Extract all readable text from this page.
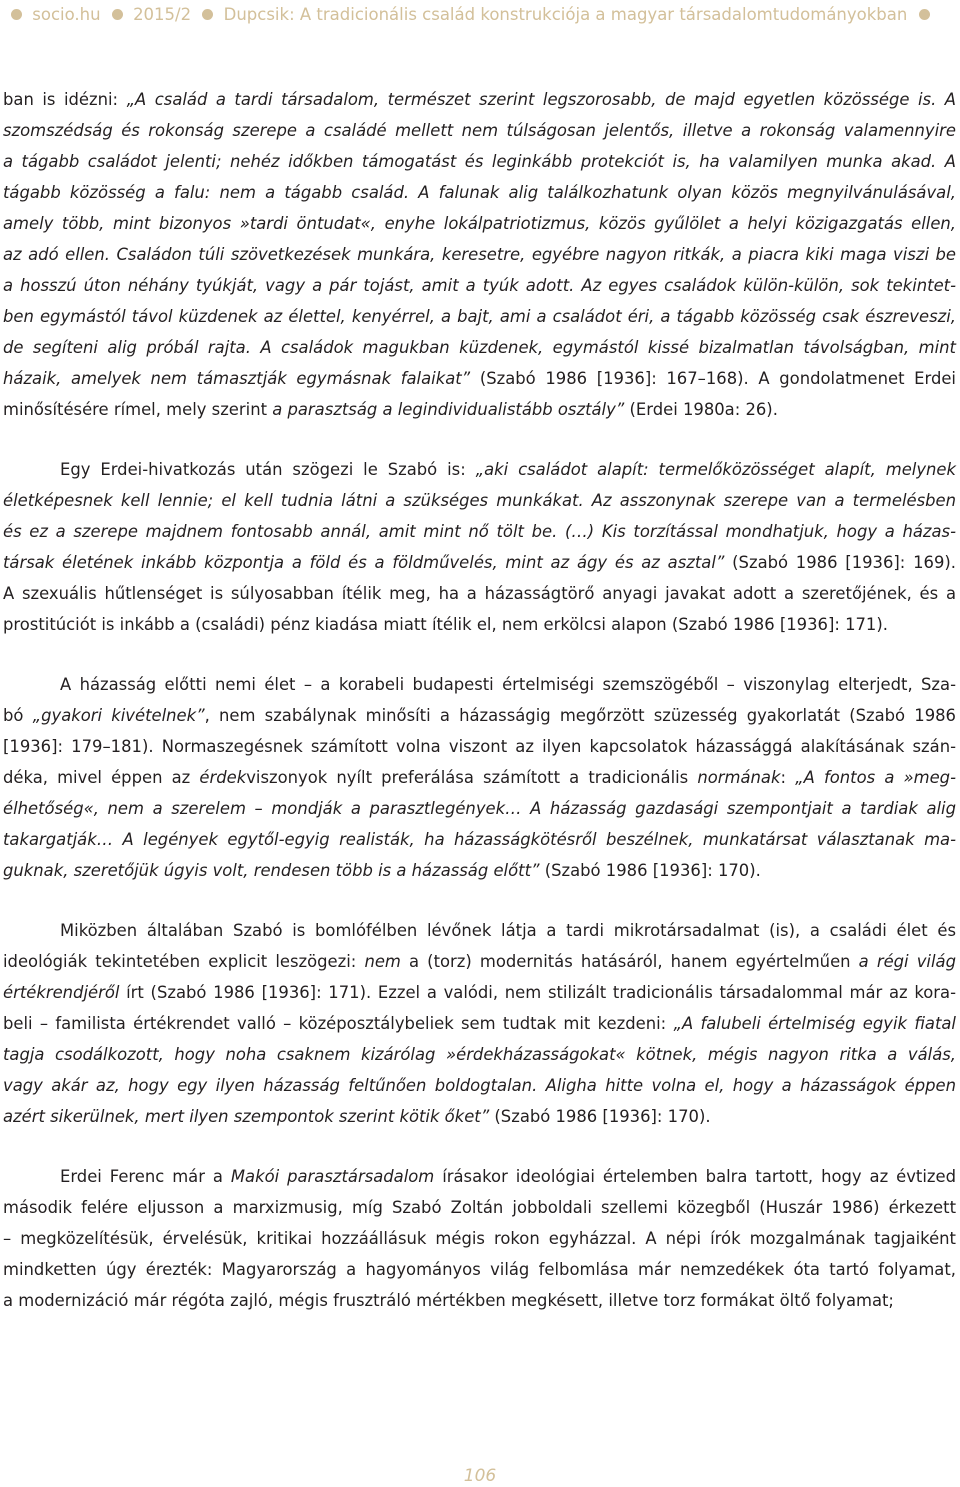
socio.hu 2015/2 Dupcsik: A tradicionális család konstrukciója a magyar társadalomtudományokban
ban is idézni: „A család a tardi társadalom, természet szerint legszorosabb, de majd egyetlen közössége is. A
szomszédság és rokonság szerepe a családé mellett nem túlságosan jelentős, illetve a rokonság valamennyire
a tágabb családot jelenti; nehéz időkben támogatást és leginkább protekciót is, ha valamilyen munka akad. A
tágabb közösség a falu: nem a tágabb család. A falunak alig találkozhatunk olyan közös megnyilvánulásával,
amely több, mint bizonyos »tardi öntudat«, enyhe lokálpatriotizmus, közös gyűlölet a helyi közigazgatás ellen,
az adó ellen. Családon túli szövetkezések munkára, keresetre, egyébre nagyon ritkák, a piacra kiki maga viszi be
a hosszú úton néhány tyúkját, vagy a pár tojást, amit a tyúk adott. Az egyes családok külön-külön, sok tekintet-
ben egymástól távol küzdenek az élettel, kenyérrel, a bajt, ami a családot éri, a tágabb közösség csak észreveszi,
de segíteni alig próbál rajta. A családok magukban küzdenek, egymástól kissé bizalmatlan távolságban, mint
házaik, amelyek nem támasztják egymásnak falaikat” (Szabó 1986 [1936]: 167–168). A gondolatmenet Erdei
minősítésére rímel, mely szerint a parasztság a legindividualistább osztály” (Erdei 1980a: 26).
Egy Erdei-hivatkozás után szögezi le Szabó is: „aki családot alapít: termelőközösséget alapít, melynek
életképesnek kell lennie; el kell tudnia látni a szükséges munkákat. Az asszonynak szerepe van a termelésben
és ez a szerepe majdnem fontosabb annál, amit mint nő tölt be. (…) Kis torzítással mondhatjuk, hogy a házas-
társak életének inkább központja a föld és a földművelés, mint az ágy és az asztal” (Szabó 1986 [1936]: 169).
A szexuális hűtlenséget is súlyosabban ítélik meg, ha a házasságtörő anyagi javakat adott a szeretőjének, és a
prostitúciót is inkább a (családi) pénz kiadása miatt ítélik el, nem erkölcsi alapon (Szabó 1986 [1936]: 171).
A házasság előtti nemi élet – a korabeli budapesti értelmiségi szemszögéből – viszonylag elterjedt, Sza-
bó „gyakori kivételnek”, nem szabálynak minősíti a házasságig megőrzött szüzesség gyakorlatát (Szabó 1986
[1936]: 179–181). Normaszegésnek számított volna viszont az ilyen kapcsolatok házassággá alakításának szán-
déka, mivel éppen az érdekviszonyok nyílt preferálása számított a tradicionális normának: „A fontos a »meg-
élhetőség«, nem a szerelem – mondják a parasztlegények… A házasság gazdasági szempontjait a tardiak alig
takargatják… A legények egytől-egyig realisták, ha házasságkötésről beszélnek, munkatársat választanak ma-
guknak, szeretőjük úgyis volt, rendesen több is a házasság előtt” (Szabó 1986 [1936]: 170).
Miközben általában Szabó is bomlófélben lévőnek látja a tardi mikrotársadalmat (is), a családi élet és
ideológiák tekintetében explicit leszögezi: nem a (torz) modernitás hatásáról, hanem egyértelműen a régi világ
értékrendjéről írt (Szabó 1986 [1936]: 171). Ezzel a valódi, nem stilizált tradicionális társadalommal már az kora-
beli – familista értékrendet valló – középosztálybeliek sem tudtak mit kezdeni: „A falubeli értelmiség egyik fiatal
tagja csodálkozott, hogy noha csaknem kizárólag »érdekházasságokat« kötnek, mégis nagyon ritka a válás,
vagy akár az, hogy egy ilyen házasság feltűnően boldogtalan. Aligha hitte volna el, hogy a házasságok éppen
azért sikerülnek, mert ilyen szempontok szerint kötik őket” (Szabó 1986 [1936]: 170).
Erdei Ferenc már a Makói parasztársadalom írásakor ideológiai értelemben balra tartott, hogy az évtized
második felére eljusson a marxizmusig, míg Szabó Zoltán jobboldali szellemi közegből (Huszár 1986) érkezett
– megközelítésük, érvelésük, kritikai hozzáállásuk mégis rokon egyházzal. A népi írók mozgalmának tagjaiként
mindketten úgy érezték: Magyarország a hagyományos világ felbomlása már nemzedékek óta tartó folyamat,
a modernizáció már régóta zajló, mégis frusztráló mértékben megkésett, illetve torz formákat öltő folyamat;
106
